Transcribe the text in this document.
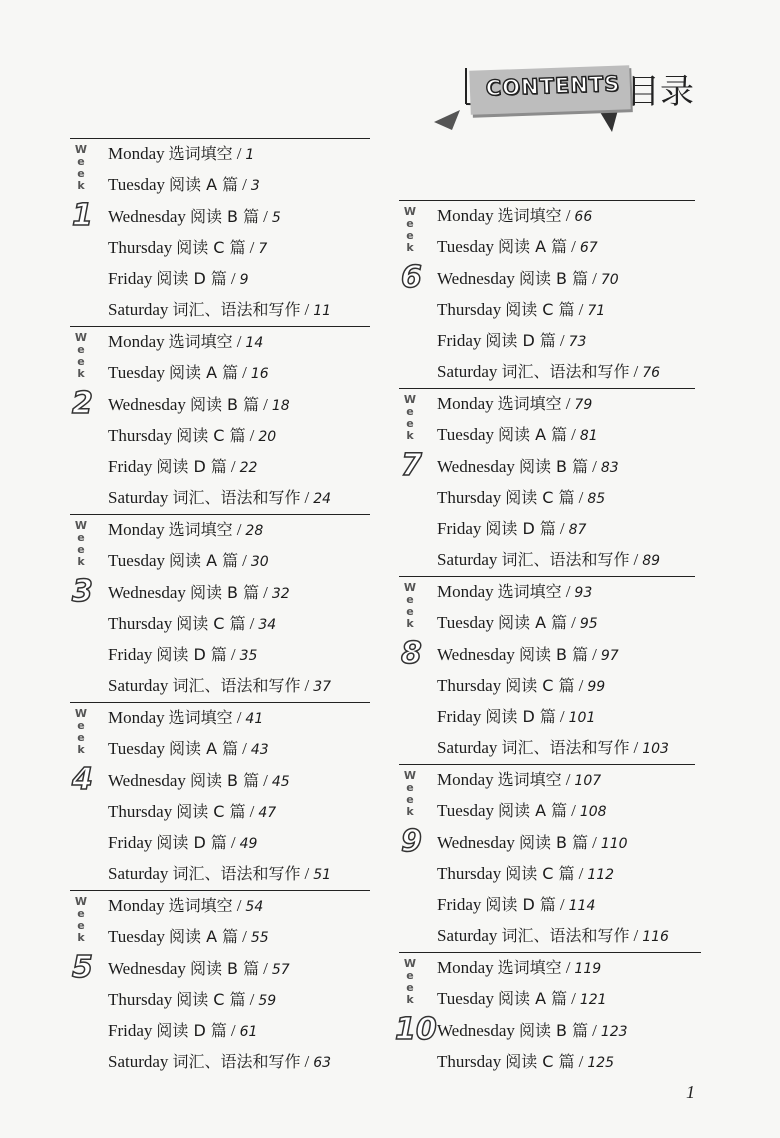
CONTENTS 目录
W
e
e
k
1
Monday 选词填空 / 1
Tuesday 阅读 A 篇 / 3
Wednesday 阅读 B 篇 / 5
Thursday 阅读 C 篇 / 7
Friday 阅读 D 篇 / 9
Saturday 词汇、语法和写作 / 11
W
e
e
k
2
Monday 选词填空 / 14
Tuesday 阅读 A 篇 / 16
Wednesday 阅读 B 篇 / 18
Thursday 阅读 C 篇 / 20
Friday 阅读 D 篇 / 22
Saturday 词汇、语法和写作 / 24
W
e
e
k
3
Monday 选词填空 / 28
Tuesday 阅读 A 篇 / 30
Wednesday 阅读 B 篇 / 32
Thursday 阅读 C 篇 / 34
Friday 阅读 D 篇 / 35
Saturday 词汇、语法和写作 / 37
W
e
e
k
4
Monday 选词填空 / 41
Tuesday 阅读 A 篇 / 43
Wednesday 阅读 B 篇 / 45
Thursday 阅读 C 篇 / 47
Friday 阅读 D 篇 / 49
Saturday 词汇、语法和写作 / 51
W
e
e
k
5
Monday 选词填空 / 54
Tuesday 阅读 A 篇 / 55
Wednesday 阅读 B 篇 / 57
Thursday 阅读 C 篇 / 59
Friday 阅读 D 篇 / 61
Saturday 词汇、语法和写作 / 63
W
e
e
k
6
Monday 选词填空 / 66
Tuesday 阅读 A 篇 / 67
Wednesday 阅读 B 篇 / 70
Thursday 阅读 C 篇 / 71
Friday 阅读 D 篇 / 73
Saturday 词汇、语法和写作 / 76
W
e
e
k
7
Monday 选词填空 / 79
Tuesday 阅读 A 篇 / 81
Wednesday 阅读 B 篇 / 83
Thursday 阅读 C 篇 / 85
Friday 阅读 D 篇 / 87
Saturday 词汇、语法和写作 / 89
W
e
e
k
8
Monday 选词填空 / 93
Tuesday 阅读 A 篇 / 95
Wednesday 阅读 B 篇 / 97
Thursday 阅读 C 篇 / 99
Friday 阅读 D 篇 / 101
Saturday 词汇、语法和写作 / 103
W
e
e
k
9
Monday 选词填空 / 107
Tuesday 阅读 A 篇 / 108
Wednesday 阅读 B 篇 / 110
Thursday 阅读 C 篇 / 112
Friday 阅读 D 篇 / 114
Saturday 词汇、语法和写作 / 116
W
e
e
k
10
Monday 选词填空 / 119
Tuesday 阅读 A 篇 / 121
Wednesday 阅读 B 篇 / 123
Thursday 阅读 C 篇 / 125
1
